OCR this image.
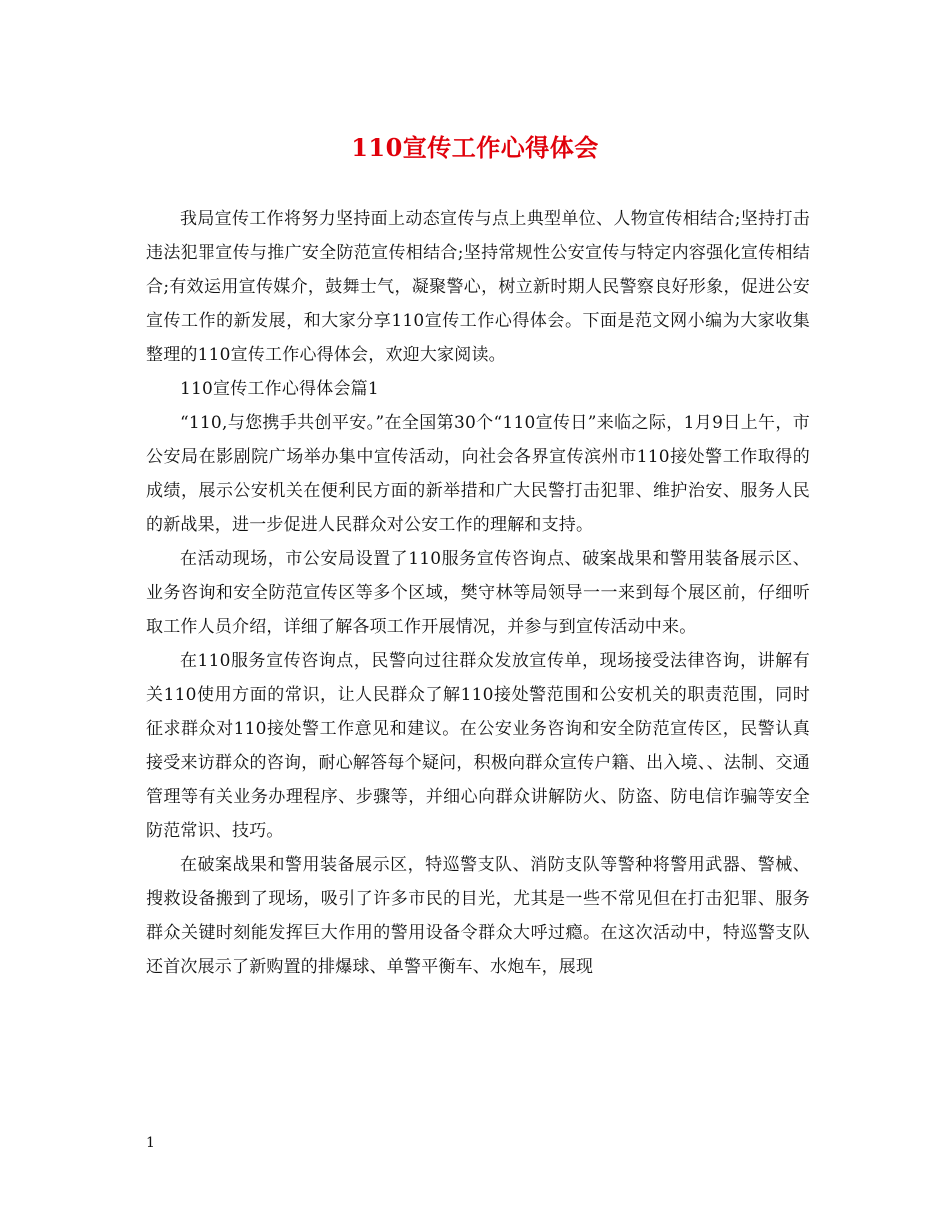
110宣传工作心得体会

我局宣传工作将努力坚持面上动态宣传与点上典型单位、人物宣传相结合;坚持打击违法犯罪宣传与推广安全防范宣传相结合;坚持常规性公安宣传与特定内容强化宣传相结合;有效运用宣传媒介，鼓舞士气，凝聚警心，树立新时期人民警察良好形象，促进公安宣传工作的新发展，和大家分享110宣传工作心得体会。下面是范文网小编为大家收集整理的110宣传工作心得体会，欢迎大家阅读。

110宣传工作心得体会篇1

“110,与您携手共创平安。”在全国第30个“110宣传日”来临之际，1月9日上午，市公安局在影剧院广场举办集中宣传活动，向社会各界宣传滨州市110接处警工作取得的成绩，展示公安机关在便利民方面的新举措和广大民警打击犯罪、维护治安、服务人民的新战果，进一步促进人民群众对公安工作的理解和支持。

在活动现场，市公安局设置了110服务宣传咨询点、破案战果和警用装备展示区、业务咨询和安全防范宣传区等多个区域，樊守林等局领导一一来到每个展区前，仔细听取工作人员介绍，详细了解各项工作开展情况，并参与到宣传活动中来。

在110服务宣传咨询点，民警向过往群众发放宣传单，现场接受法律咨询，讲解有关110使用方面的常识，让人民群众了解110接处警范围和公安机关的职责范围，同时征求群众对110接处警工作意见和建议。在公安业务咨询和安全防范宣传区，民警认真接受来访群众的咨询，耐心解答每个疑问，积极向群众宣传户籍、出入境、、法制、交通管理等有关业务办理程序、步骤等，并细心向群众讲解防火、防盗、防电信诈骗等安全防范常识、技巧。

在破案战果和警用装备展示区，特巡警支队、消防支队等警种将警用武器、警械、搜救设备搬到了现场，吸引了许多市民的目光，尤其是一些不常见但在打击犯罪、服务群众关键时刻能发挥巨大作用的警用设备令群众大呼过瘾。在这次活动中，特巡警支队还首次展示了新购置的排爆球、单警平衡车、水炮车，展现

1
